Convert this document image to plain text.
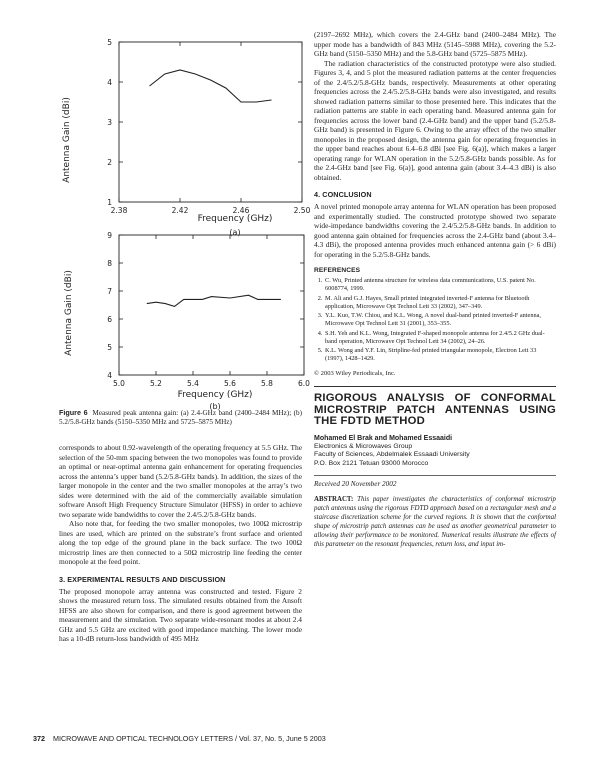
Antenna Gain (dBi)
Frequency (GHz)
(a)
5
4
3
2
1
2.38	2.42	2.46	2.50
Antenna Gain (dBi)
Frequency (GHz)
(b)
9
8
7
6
5
4
5.0	5.2	5.4	5.6	5.8	6.0
Figure 6 Measured peak antenna gain: (a) 2.4-GHz band (2400–2484 MHz); (b) 5.2/5.8-GHz bands (5150–5350 MHz and 5725–5875 MHz)

corresponds to about 0.92-wavelength of the operating frequency at 5.5 GHz. The selection of the 50-mm spacing between the two monopoles was found to provide an optimal or near-optimal antenna gain enhancement for operating frequencies across the antenna’s upper band (5.2/5.8-GHz bands). In addition, the sizes of the larger monopole in the center and the two smaller monopoles at the array’s two sides were determined with the aid of the commercially available simulation software Ansoft High Frequency Structure Simulator (HFSS) in order to achieve two separate wide bandwidths to cover the 2.4/5.2/5.8-GHz bands.

Also note that, for feeding the two smaller monopoles, two 100Ω microstrip lines are used, which are printed on the substrate’s front surface and oriented along the top edge of the ground plane in the back surface. The two 100Ω microstrip lines are then connected to a 50Ω microstrip line feeding the center monopole at the feed point.

3. EXPERIMENTAL RESULTS AND DISCUSSION

The proposed monopole array antenna was constructed and tested. Figure 2 shows the measured return loss. The simulated results obtained from the Ansoft HFSS are also shown for comparison, and there is good agreement between the measurement and the simulation. Two separate wide-resonant modes at about 2.4 GHz and 5.5 GHz are excited with good impedance matching. The lower mode has a 10-dB return-loss bandwidth of 495 MHz

(2197–2692 MHz), which covers the 2.4-GHz band (2400–2484 MHz). The upper mode has a bandwidth of 843 MHz (5145–5988 MHz), covering the 5.2-GHz band (5150–5350 MHz) and the 5.8-GHz band (5725–5875 MHz).

The radiation characteristics of the constructed prototype were also studied. Figures 3, 4, and 5 plot the measured radiation patterns at the center frequencies of the 2.4/5.2/5.8-GHz bands, respectively. Measurements at other operating frequencies across the 2.4/5.2/5.8-GHz bands were also investigated, and results showed radiation patterns similar to those presented here. This indicates that the radiation patterns are stable in each operating band. Measured antenna gain for frequencies across the lower band (2.4-GHz band) and the upper band (5.2/5.8-GHz band) is presented in Figure 6. Owing to the array effect of the two smaller monopoles in the proposed design, the antenna gain for operating frequencies in the upper band reaches about 6.4–6.8 dBi [see Fig. 6(a)], which makes a larger operating range for WLAN operation in the 5.2/5.8-GHz bands possible. As for the 2.4-GHz band [see Fig. 6(a)], good antenna gain (about 3.4–4.3 dBi) is also obtained.

4. CONCLUSION

A novel printed monopole array antenna for WLAN operation has been proposed and experimentally studied. The constructed prototype showed two separate wide-impedance bandwidths covering the 2.4/5.2/5.8-GHz bands. In addition to good antenna gain obtained for frequencies across the 2.4-GHz band (about 3.4–4.3 dBi), the proposed antenna provides much enhanced antenna gain (> 6 dBi) for operating in the 5.2/5.8-GHz bands.

REFERENCES
1. C. Wu, Printed antenna structure for wireless data communications, U.S. patent No. 6008774, 1999.
2. M. Ali and G.J. Hayes, Small printed integrated inverted-F antenna for Bluetooth application, Microwave Opt Technol Lett 33 (2002), 347–349.
3. Y.L. Kuo, T.W. Chiou, and K.L. Wong, A novel dual-band printed inverted-F antenna, Microwave Opt Technol Lett 31 (2001), 353–355.
4. S.H. Yeh and K.L. Wong, Integrated F-shaped monopole antenna for 2.4/5.2 GHz dual-band operation, Microwave Opt Technol Lett 34 (2002), 24–26.
5. K.L. Wong and Y.F. Lin, Stripline-fed printed triangular monopole, Electron Lett 33 (1997), 1428–1429.

© 2003 Wiley Periodicals, Inc.

RIGOROUS ANALYSIS OF CONFORMAL MICROSTRIP PATCH ANTENNAS USING THE FDTD METHOD

Mohamed El Brak and Mohamed Essaaidi

Electronics & Microwaves Group

Faculty of Sciences, Abdelmalek Essaadi University

P.O. Box 2121 Tetuan 93000 Morocco

Received 20 November 2002

ABSTRACT: This paper investigates the characteristics of conformal microstrip patch antennas using the rigorous FDTD approach based on a rectangular mesh and a staircase discretization scheme for the curved regions. It is shown that the conformal shape of microstrip patch antennas can be used as another geometrical parameter to allowing their performance to be monitored. Numerical results illustrate the effects of this parameter on the resonant frequencies, return loss, and input im-

372 MICROWAVE AND OPTICAL TECHNOLOGY LETTERS / Vol. 37, No. 5, June 5 2003
